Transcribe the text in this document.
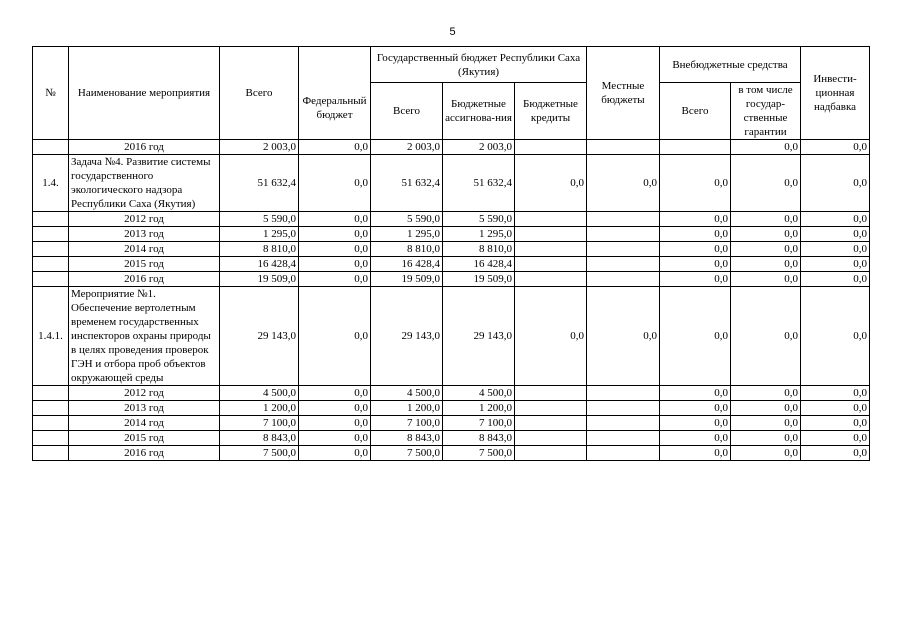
5
№	Наименование мероприятия	Всего	Федеральный бюджет	Государственный бюджет Республики Саха (Якутия)			Местные бюджеты	Внебюджетные средства		Инвести-ционная надбавка
				Всего	Бюджетные ассигнова-ния	Бюджетные кредиты		Всего	в том числе государ-ственные гарантии	
	2016 год	2 003,0	0,0	2 003,0	2 003,0				0,0	0,0
1.4.	Задача №4. Развитие системы государственного экологического надзора Республики Саха (Якутия)	51 632,4	0,0	51 632,4	51 632,4	0,0	0,0	0,0	0,0	0,0
	2012 год	5 590,0	0,0	5 590,0	5 590,0			0,0	0,0	0,0
	2013 год	1 295,0	0,0	1 295,0	1 295,0			0,0	0,0	0,0
	2014 год	8 810,0	0,0	8 810,0	8 810,0			0,0	0,0	0,0
	2015 год	16 428,4	0,0	16 428,4	16 428,4			0,0	0,0	0,0
	2016 год	19 509,0	0,0	19 509,0	19 509,0			0,0	0,0	0,0
1.4.1.	Мероприятие №1. Обеспечение вертолетным временем государственных инспекторов охраны природы в целях проведения проверок ГЭН и отбора проб объектов окружающей среды	29 143,0	0,0	29 143,0	29 143,0	0,0	0,0	0,0	0,0	0,0
	2012 год	4 500,0	0,0	4 500,0	4 500,0			0,0	0,0	0,0
	2013 год	1 200,0	0,0	1 200,0	1 200,0			0,0	0,0	0,0
	2014 год	7 100,0	0,0	7 100,0	7 100,0			0,0	0,0	0,0
	2015 год	8 843,0	0,0	8 843,0	8 843,0			0,0	0,0	0,0
	2016 год	7 500,0	0,0	7 500,0	7 500,0			0,0	0,0	0,0
